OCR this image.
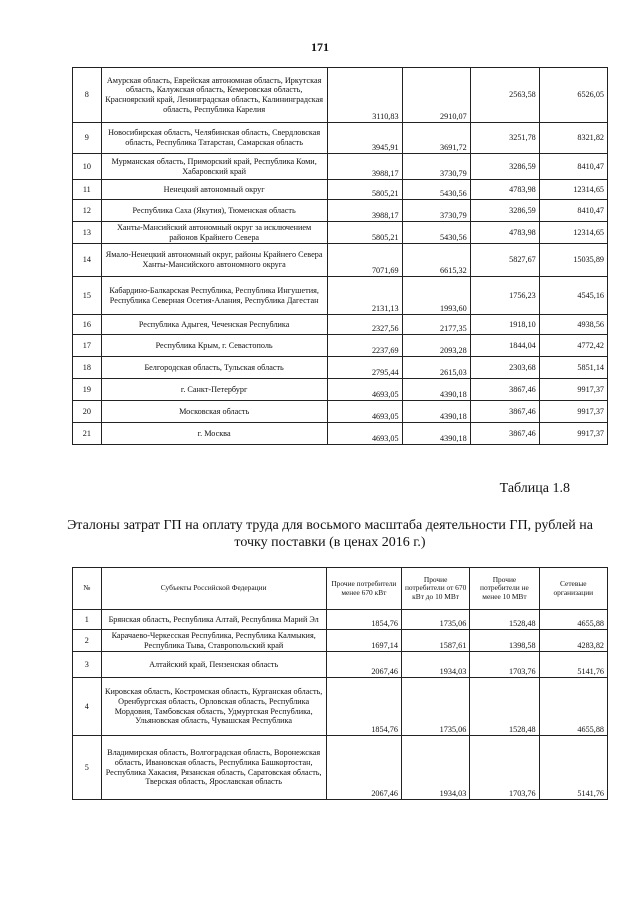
171
8	Амурская область, Еврейская автономная область, Иркутская область, Калужская область, Кемеровская область, Красноярский край, Ленинградская область, Калининградская область, Республика Карелия	3110,83	2910,07	2563,58	6526,05
9	Новосибирская область, Челябинская область, Свердловская область, Республика Татарстан, Самарская область	3945,91	3691,72	3251,78	8321,82
10	Мурманская область, Приморский край, Республика Коми, Хабаровский край	3988,17	3730,79	3286,59	8410,47
11	Ненецкий автономный округ	5805,21	5430,56	4783,98	12314,65
12	Республика Саха (Якутия), Тюменская область	3988,17	3730,79	3286,59	8410,47
13	Ханты-Мансийский автономный округ за исключением районов Крайнего Севера	5805,21	5430,56	4783,98	12314,65
14	Ямало-Ненецкий автономный округ, районы Крайнего Севера Ханты-Мансийского автономного округа	7071,69	6615,32	5827,67	15035,89
15	Кабардино-Балкарская Республика, Республика Ингушетия, Республика Северная Осетия-Алания, Республика Дагестан	2131,13	1993,60	1756,23	4545,16
16	Республика Адыгея, Чеченская Республика	2327,56	2177,35	1918,10	4938,56
17	Республика Крым, г. Севастополь	2237,69	2093,28	1844,04	4772,42
18	Белгородская область, Тульская область	2795,44	2615,03	2303,68	5851,14
19	г. Санкт-Петербург	4693,05	4390,18	3867,46	9917,37
20	Московская область	4693,05	4390,18	3867,46	9917,37
21	г. Москва	4693,05	4390,18	3867,46	9917,37
Таблица 1.8
Эталоны затрат ГП на оплату труда для восьмого масштаба деятельности ГП, рублей на точку поставки (в ценах 2016 г.)
№	Субъекты Российской Федерации	Прочие потребители менее 670 кВт	Прочие потребители от 670 кВт до 10 МВт	Прочие потребители не менее 10 МВт	Сетевые организации
1	Брянская область, Республика Алтай, Республика Марий Эл	1854,76	1735,06	1528,48	4655,88
2	Карачаево-Черкесская Республика, Республика Калмыкия, Республика Тыва, Ставропольский край	1697,14	1587,61	1398,58	4283,82
3	Алтайский край, Пензенская область	2067,46	1934,03	1703,76	5141,76
4	Кировская область, Костромская область, Курганская область, Оренбургская область, Орловская область, Республика Мордовия, Тамбовская область, Удмуртская Республика, Ульяновская область, Чувашская Республика	1854,76	1735,06	1528,48	4655,88
5	Владимирская область, Волгоградская область, Воронежская область, Ивановская область, Республика Башкортостан, Республика Хакасия, Рязанская область, Саратовская область, Тверская область, Ярославская область	2067,46	1934,03	1703,76	5141,76
